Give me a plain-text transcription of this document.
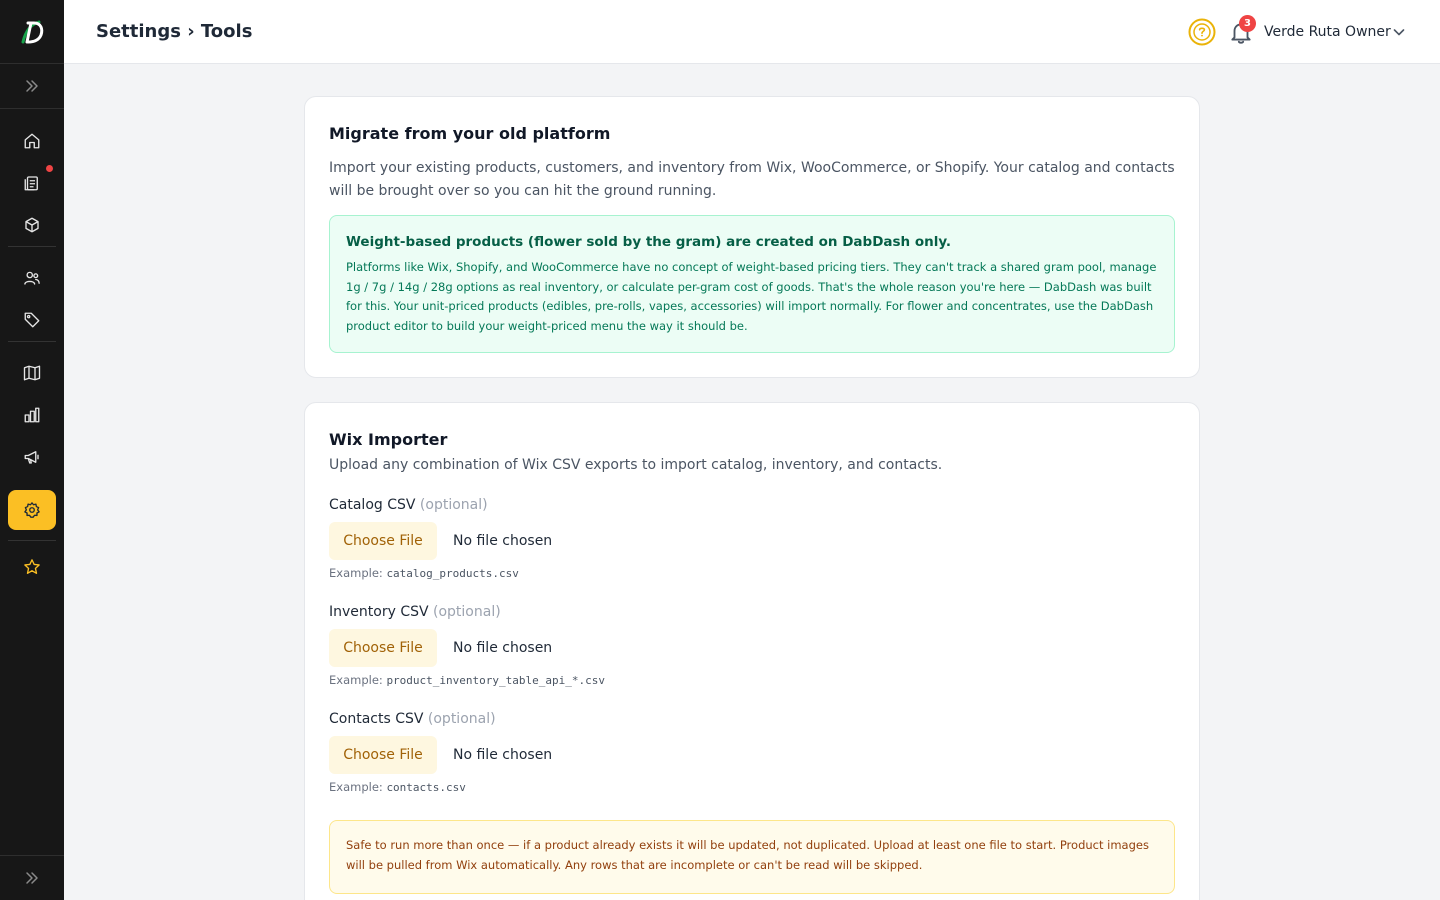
Settings › Tools	3
Verde Ruta Owner
Migrate from your old platform

Import your existing products, customers, and inventory from Wix, WooCommerce, or Shopify. Your catalog and contacts will be brought over so you can hit the ground running.

Weight-based products (flower sold by the gram) are created on DabDash only.
Platforms like Wix, Shopify, and WooCommerce have no concept of weight-based pricing tiers. They can't track a shared gram pool, manage 1g / 7g / 14g / 28g options as real inventory, or calculate per-gram cost of goods. That's the whole reason you're here — DabDash was built for this. Your unit-priced products (edibles, pre-rolls, vapes, accessories) will import normally. For flower and concentrates, use the DabDash product editor to build your weight-priced menu the way it should be.
Wix Importer

Upload any combination of Wix CSV exports to import catalog, inventory, and contacts.

Catalog CSV (optional)
Choose File	No file chosen
Example: catalog_products.csv
Inventory CSV (optional)
Choose File	No file chosen
Example: product_inventory_table_api_*.csv
Contacts CSV (optional)
Choose File	No file chosen
Example: contacts.csv
Safe to run more than once — if a product already exists it will be updated, not duplicated. Upload at least one file to start. Product images will be pulled from Wix automatically. Any rows that are incomplete or can't be read will be skipped.
